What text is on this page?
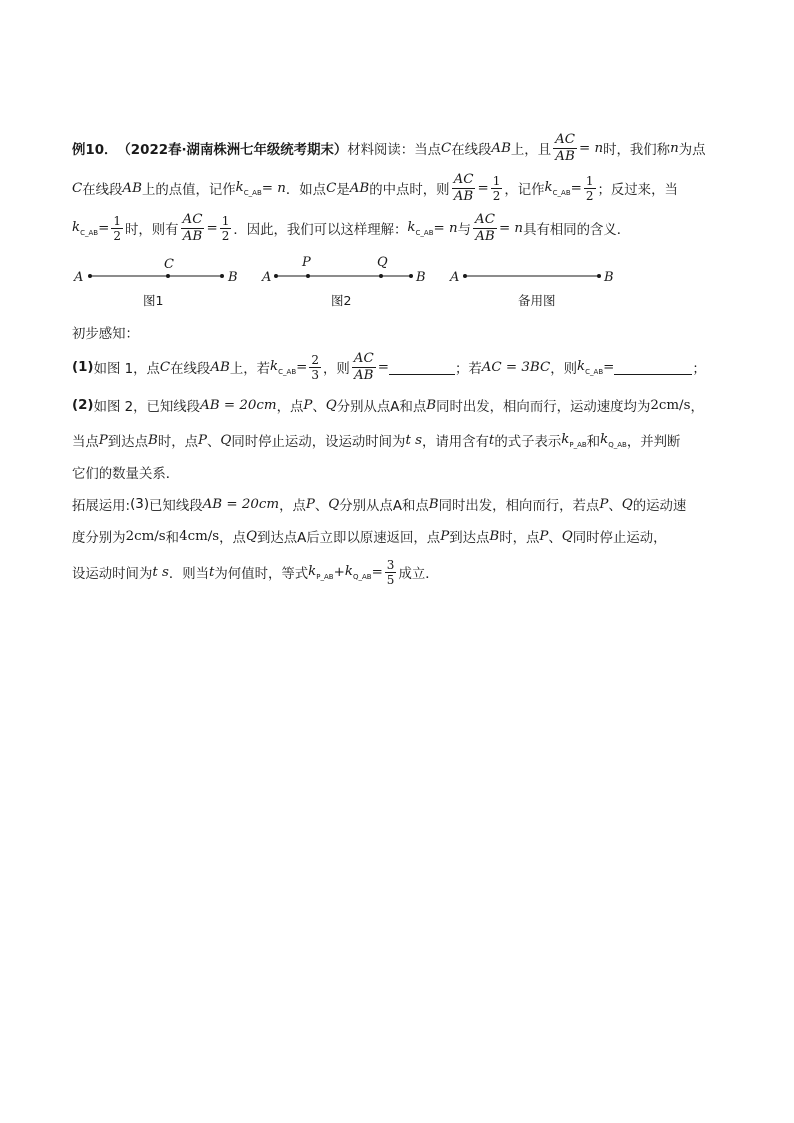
例10． （2022春·湖南株洲七年级统考期末） 材料阅读：当点 C 在线段 AB 上，且 $\frac{AC}{AB} = n$ 时，我们称 n 为点
C 在线段 AB 上的点值，记作 $k_{C\_AB} = n$ ．如点 C 是 AB 的中点时，则 $\frac{AC}{AB} = \frac{1}{2}$ ，记作 $k_{C\_AB} = \frac{1}{2}$ ；反过来，当
$k_{C\_AB} = \frac{1}{2}$ 时，则有 $\frac{AC}{AB} = \frac{1}{2}$ ．因此，我们可以这样理解： $k_{C\_AB} = n$ 与 $\frac{AC}{AB} = n$ 具有相同的含义．
A
C
B A
P	Q
B A	B
图1	图2	备用图
初步感知：
(1) 如图 1，点 C 在线段 AB 上，若 $k_{C\_AB} = \frac{2}{3}$ ，则 $\frac{AC}{AB}$ =	；若 AC = 3BC ，则 $k_{C\_AB}$ =	；
(2) 如图 2，已知线段 AB = 20cm ，点 P 、 Q 分别从点A和点 B 同时出发，相向而行，运动速度均为 2cm/s ，
当点 P 到达点 B 时，点 P 、 Q 同时停止运动，设运动时间为 t s ，请用含有 t 的式子表示 $k_{P\_AB}$ 和 $k_{Q\_AB}$ ，并判断
它们的数量关系．
拓展运用: (3) 已知线段 AB = 20cm ，点 P 、 Q 分别从点A和点 B 同时出发，相向而行，若点 P 、 Q 的运动速
度分别为 2cm/s 和 4cm/s ，点 Q 到达点A后立即以原速返回，点 P 到达点 B 时，点 P 、 Q 同时停止运动，
设运动时间为 t s ．则当 t 为何值时，等式 $k_{P\_AB} + k_{Q\_AB} = \frac{3}{5}$ 成立．
